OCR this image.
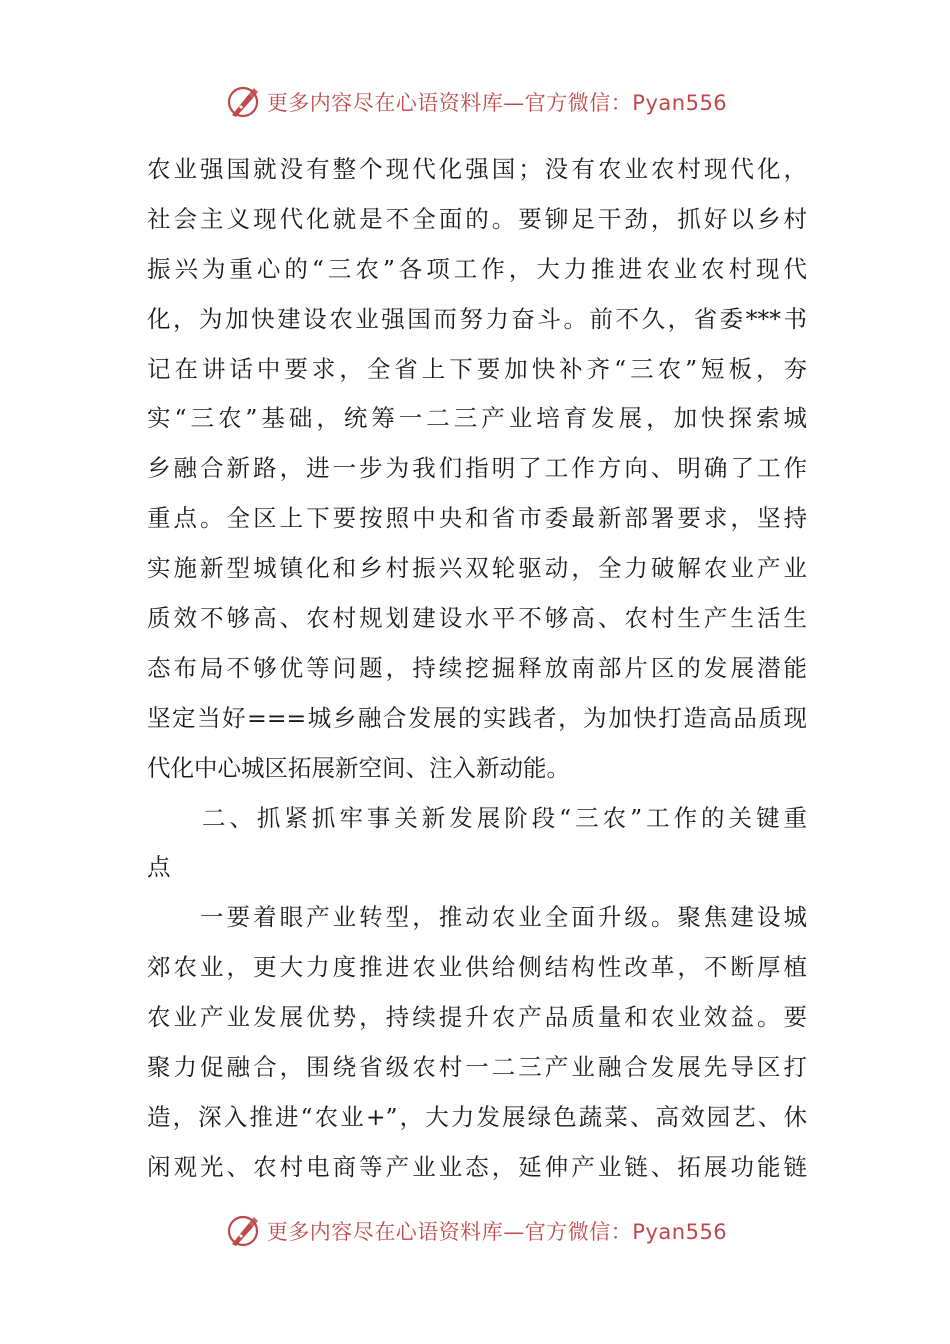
更多内容尽在心语资料库—官方微信：Pyan556
农业强国就没有整个现代化强国；没有农业农村现代化，
社会主义现代化就是不全面的。要铆足干劲，抓好以乡村
振兴为重心的“三农”各项工作，大力推进农业农村现代
化，为加快建设农业强国而努力奋斗。前不久，省委***书
记在讲话中要求，全省上下要加快补齐“三农”短板，夯
实“三农”基础，统筹一二三产业培育发展，加快探索城
乡融合新路，进一步为我们指明了工作方向、明确了工作
重点。全区上下要按照中央和省市委最新部署要求，坚持
实施新型城镇化和乡村振兴双轮驱动，全力破解农业产业
质效不够高、农村规划建设水平不够高、农村生产生活生
态布局不够优等问题，持续挖掘释放南部片区的发展潜能
坚定当好===城乡融合发展的实践者，为加快打造高品质现
代化中心城区拓展新空间、注入新动能。
　　二、抓紧抓牢事关新发展阶段“三农”工作的关键重
点
　　一要着眼产业转型，推动农业全面升级。聚焦建设城
郊农业，更大力度推进农业供给侧结构性改革，不断厚植
农业产业发展优势，持续提升农产品质量和农业效益。要
聚力促融合，围绕省级农村一二三产业融合发展先导区打
造，深入推进“农业+”，大力发展绿色蔬菜、高效园艺、休
闲观光、农村电商等产业业态，延伸产业链、拓展功能链
更多内容尽在心语资料库—官方微信：Pyan556
